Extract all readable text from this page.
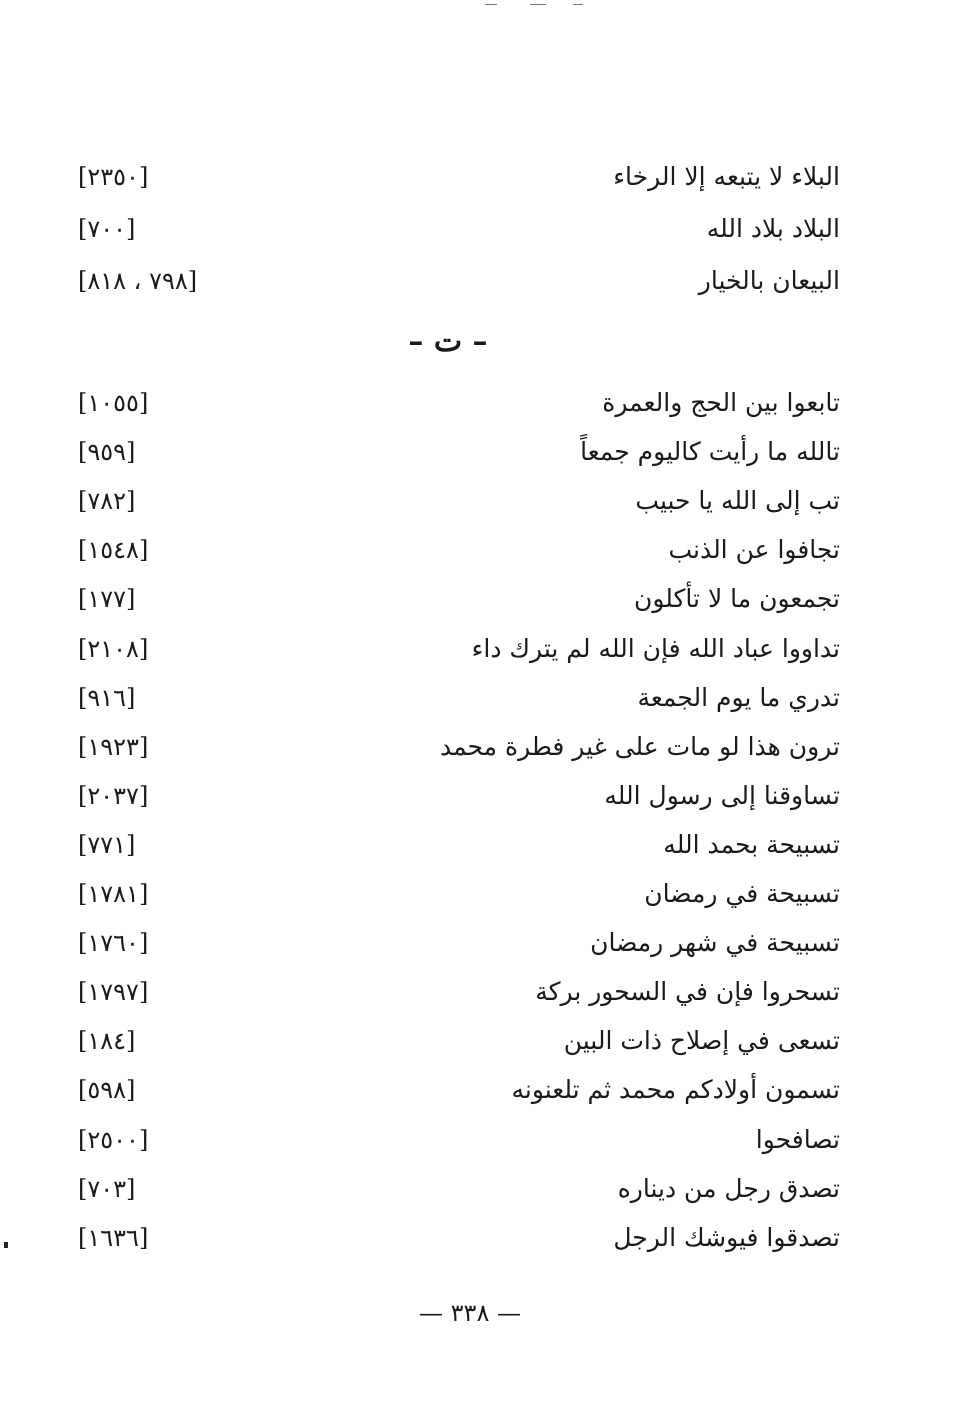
البلاء لا يتبعه إلا الرخاء
[٢٣٥٠]
البلاد بلاد الله
[٧٠٠]
البيعان بالخيار
[٧٩٨ ، ٨١٨]
– ت –
تابعوا بين الحج والعمرة
[١٠٥٥]
تالله ما رأيت كاليوم جمعاً
[٩٥٩]
تب إلى الله يا حبيب
[٧٨٢]
تجافوا عن الذنب
[١٥٤٨]
تجمعون ما لا تأكلون
[١٧٧]
تداووا عباد الله فإن الله لم يترك داء
[٢١٠٨]
تدري ما يوم الجمعة
[٩١٦]
ترون هذا لو مات على غير فطرة محمد
[١٩٢٣]
تساوقنا إلى رسول الله
[٢٠٣٧]
تسبيحة بحمد الله
[٧٧١]
تسبيحة في رمضان
[١٧٨١]
تسبيحة في شهر رمضان
[١٧٦٠]
تسحروا فإن في السحور بركة
[١٧٩٧]
تسعى في إصلاح ذات البين
[١٨٤]
تسمون أولادكم محمد ثم تلعنونه
[٥٩٨]
تصافحوا
[٢٥٠٠]
تصدق رجل من ديناره
[٧٠٣]
تصدقوا فيوشك الرجل
[١٦٣٦]
— ٣٣٨ —
